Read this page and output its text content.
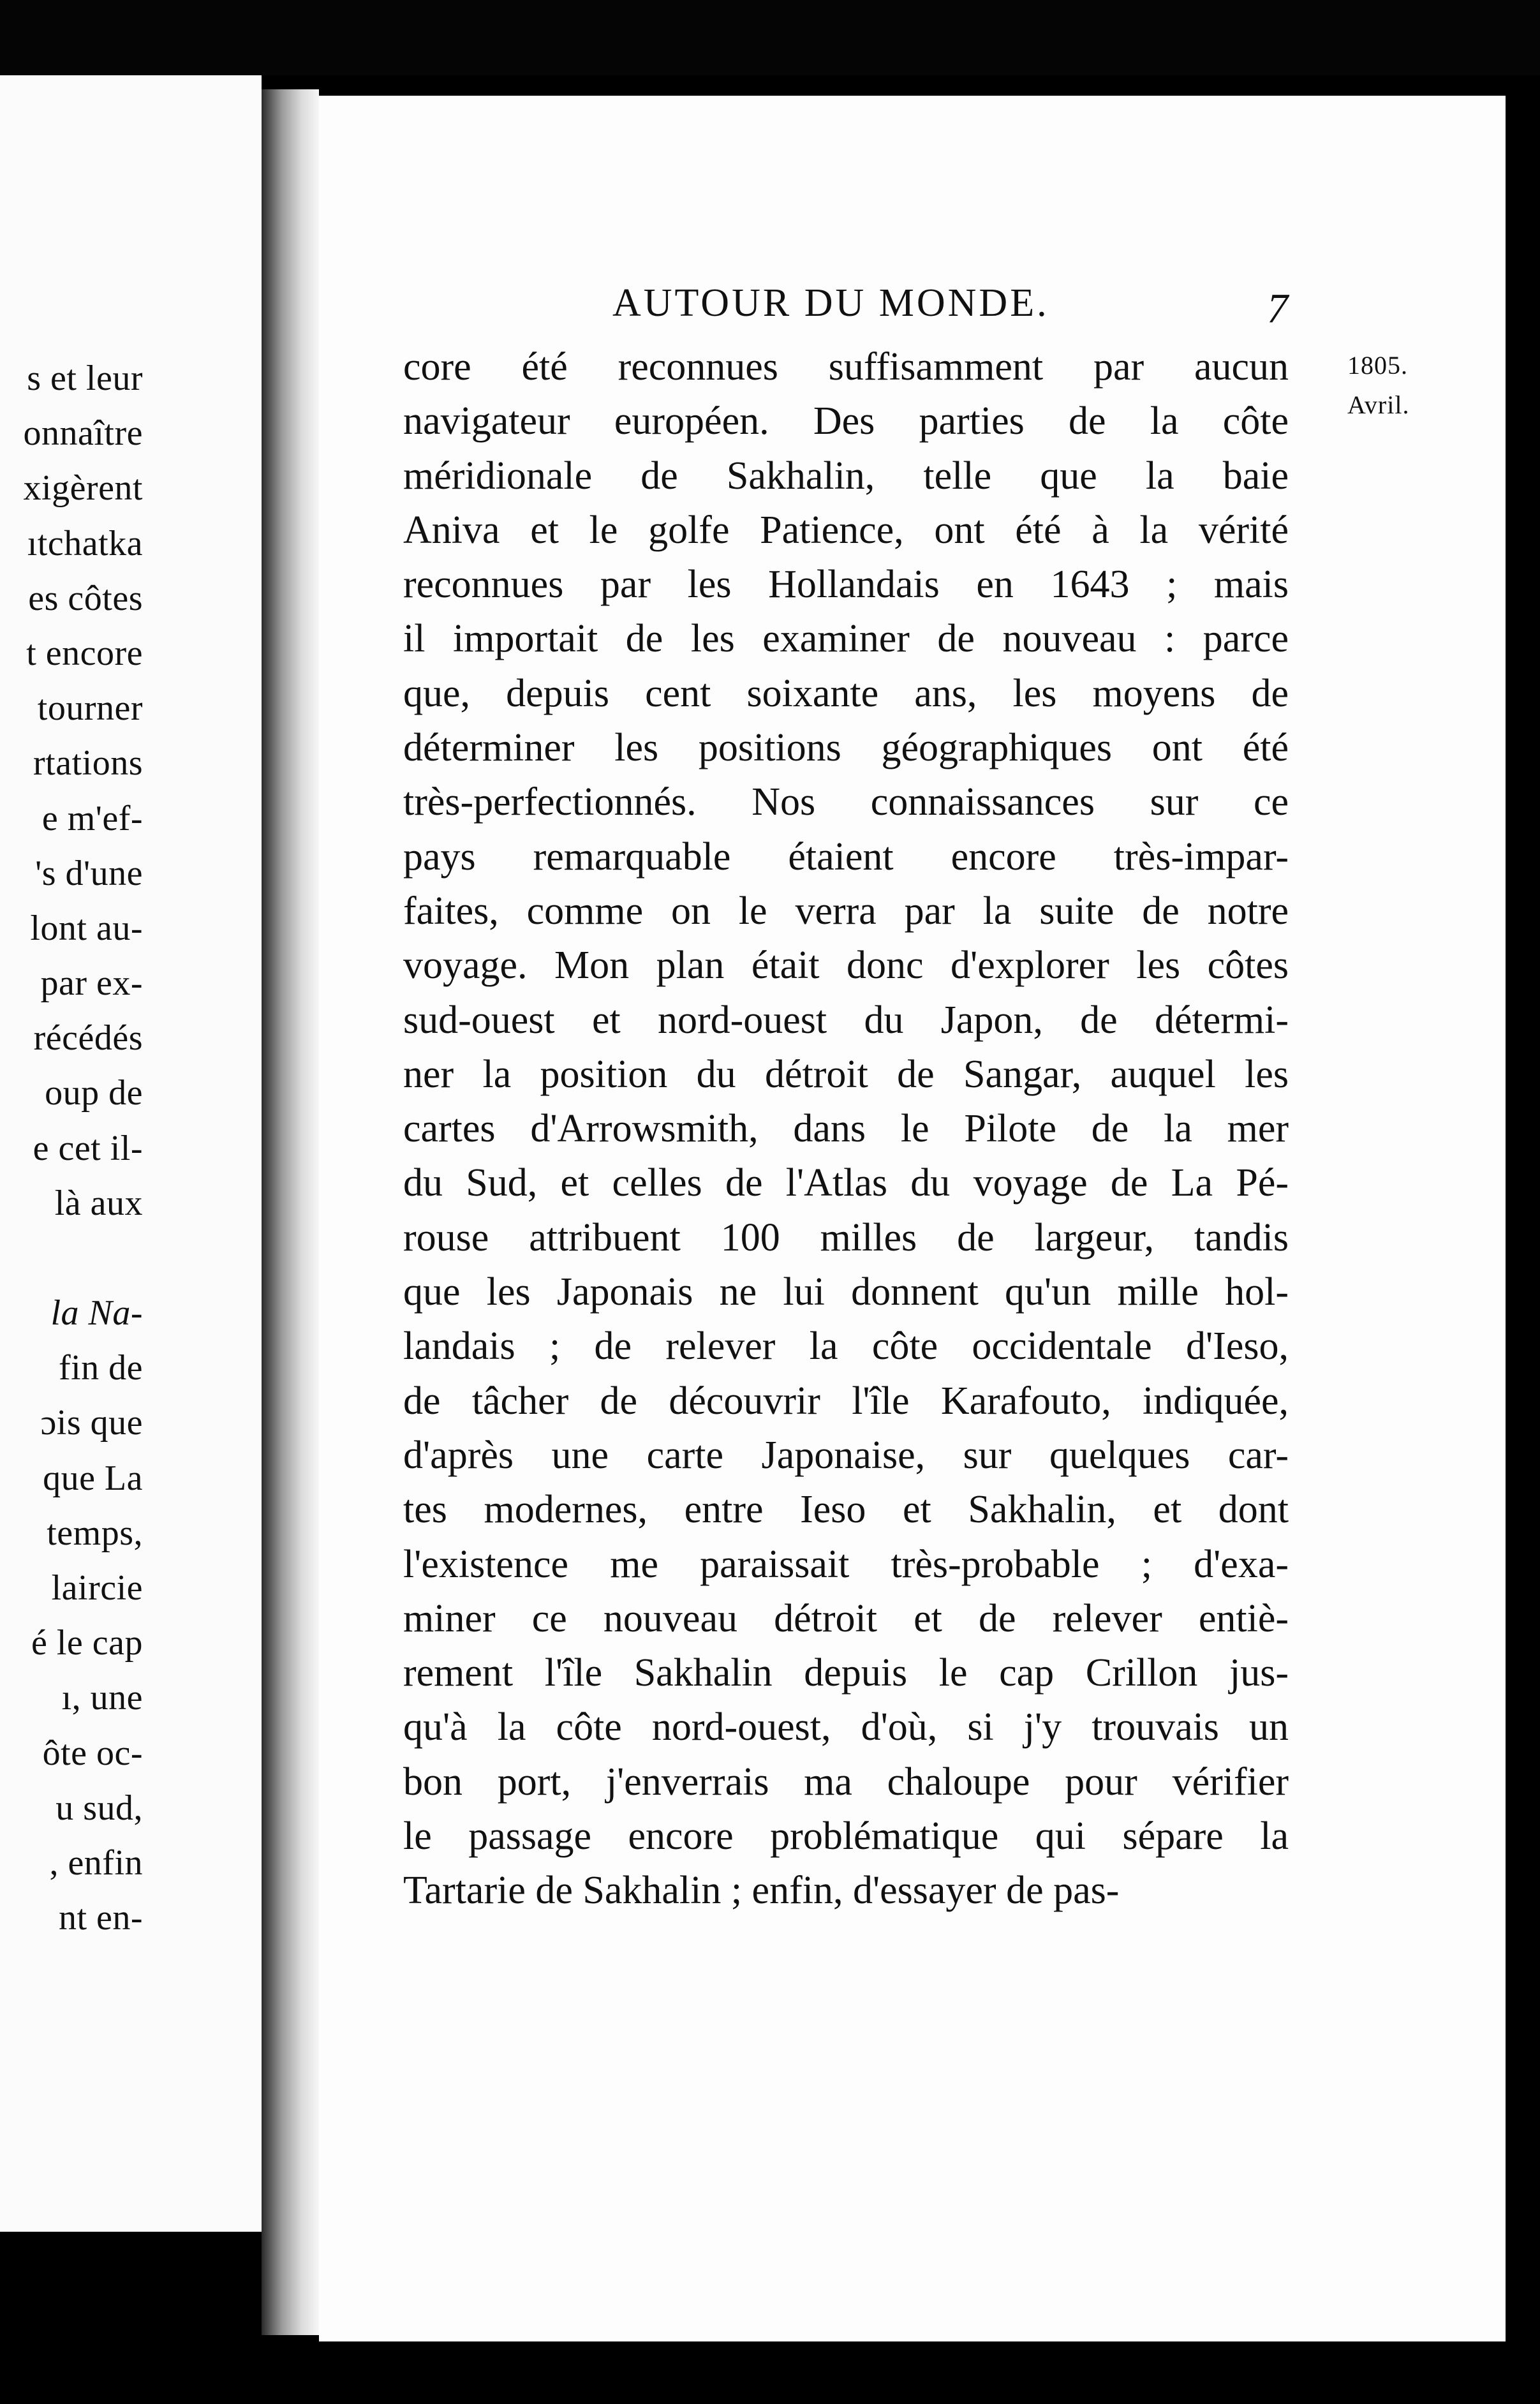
s et leur
onnaître
xigèrent
ıtchatka
es côtes
t encore
tourner
rtations
e m'ef-
's d'une
lont au-
par ex-
récédés
oup de
e cet il-
là aux
la Na-
fin de
ɔis que
que La
temps,
laircie
é le cap
ı, une
ôte oc-
u sud,
, enfin
nt en-
AUTOUR DU MONDE.	7
1805.
Avril.
core été reconnues suffisamment par aucun
navigateur européen. Des parties de la côte
méridionale de Sakhalin, telle que la baie
Aniva et le golfe Patience, ont été à la vérité
reconnues par les Hollandais en 1643 ; mais
il importait de les examiner de nouveau : parce
que, depuis cent soixante ans, les moyens de
déterminer les positions géographiques ont été
très-perfectionnés. Nos connaissances sur ce
pays remarquable étaient encore très-impar-
faites, comme on le verra par la suite de notre
voyage. Mon plan était donc d'explorer les côtes
sud-ouest et nord-ouest du Japon, de détermi-
ner la position du détroit de Sangar, auquel les
cartes d'Arrowsmith, dans le Pilote de la mer
du Sud, et celles de l'Atlas du voyage de La Pé-
rouse attribuent 100 milles de largeur, tandis
que les Japonais ne lui donnent qu'un mille hol-
landais ; de relever la côte occidentale d'Ieso,
de tâcher de découvrir l'île Karafouto, indiquée,
d'après une carte Japonaise, sur quelques car-
tes modernes, entre Ieso et Sakhalin, et dont
l'existence me paraissait très-probable ; d'exa-
miner ce nouveau détroit et de relever entiè-
rement l'île Sakhalin depuis le cap Crillon jus-
qu'à la côte nord-ouest, d'où, si j'y trouvais un
bon port, j'enverrais ma chaloupe pour vérifier
le passage encore problématique qui sépare la
Tartarie de Sakhalin ; enfin, d'essayer de pas-
